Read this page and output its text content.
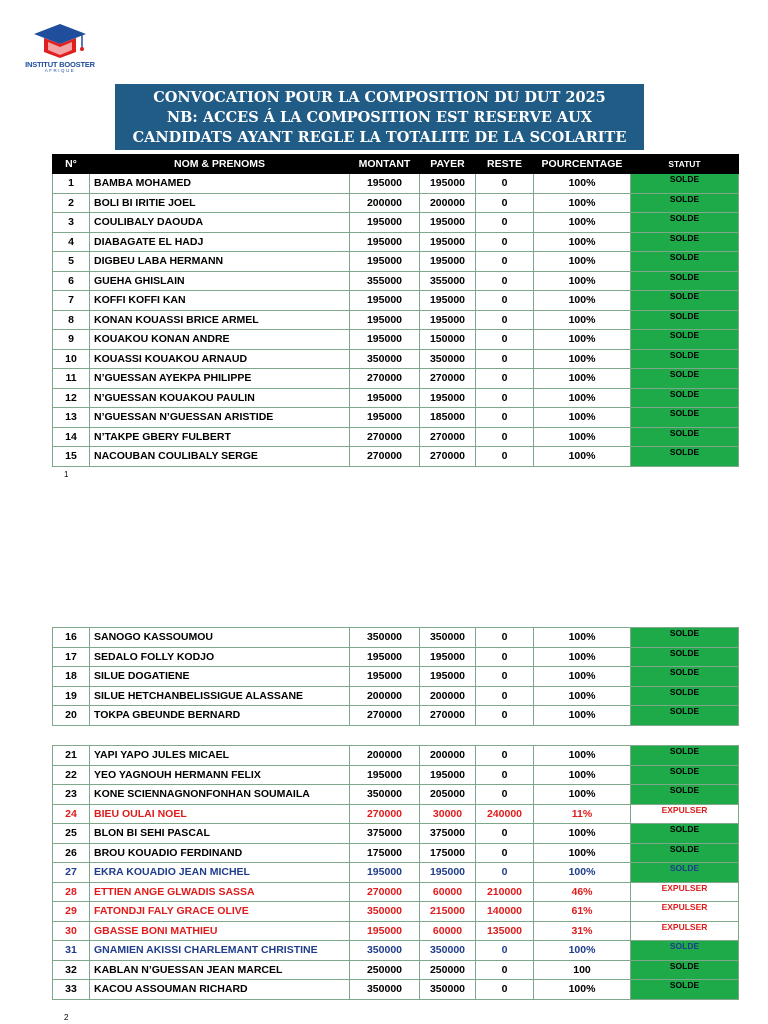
INSTITUT BOOSTER
AFRIQUE
CONVOCATION POUR LA COMPOSITION DU DUT 2025
NB: ACCES Á LA COMPOSITION EST RESERVE AUX
CANDIDATS AYANT REGLE LA TOTALITE DE LA SCOLARITE
N°	NOM & PRENOMS	MONTANT	PAYER	RESTE	POURCENTAGE	STATUT
1	BAMBA MOHAMED	195000	195000	0	100%	SOLDE
2	BOLI BI IRITIE JOEL	200000	200000	0	100%	SOLDE
3	COULIBALY DAOUDA	195000	195000	0	100%	SOLDE
4	DIABAGATE EL HADJ	195000	195000	0	100%	SOLDE
5	DIGBEU LABA HERMANN	195000	195000	0	100%	SOLDE
6	GUEHA GHISLAIN	355000	355000	0	100%	SOLDE
7	KOFFI KOFFI KAN	195000	195000	0	100%	SOLDE
8	KONAN KOUASSI BRICE ARMEL	195000	195000	0	100%	SOLDE
9	KOUAKOU KONAN ANDRE	195000	150000	0	100%	SOLDE
10	KOUASSI KOUAKOU ARNAUD	350000	350000	0	100%	SOLDE
11	N’GUESSAN AYEKPA PHILIPPE	270000	270000	0	100%	SOLDE
12	N’GUESSAN KOUAKOU PAULIN	195000	195000	0	100%	SOLDE
13	N’GUESSAN N’GUESSAN ARISTIDE	195000	185000	0	100%	SOLDE
14	N’TAKPE GBERY FULBERT	270000	270000	0	100%	SOLDE
15	NACOUBAN COULIBALY SERGE	270000	270000	0	100%	SOLDE
1
16	SANOGO KASSOUMOU	350000	350000	0	100%	SOLDE
17	SEDALO FOLLY KODJO	195000	195000	0	100%	SOLDE
18	SILUE DOGATIENE	195000	195000	0	100%	SOLDE
19	SILUE HETCHANBELISSIGUE ALASSANE	200000	200000	0	100%	SOLDE
20	TOKPA GBEUNDE BERNARD	270000	270000	0	100%	SOLDE
21	YAPI YAPO JULES MICAEL	200000	200000	0	100%	SOLDE
22	YEO YAGNOUH HERMANN FELIX	195000	195000	0	100%	SOLDE
23	KONE SCIENNAGNONFONHAN SOUMAILA	350000	205000	0	100%	SOLDE
24	BIEU OULAI NOEL	270000	30000	240000	11%	EXPULSER
25	BLON BI SEHI PASCAL	375000	375000	0	100%	SOLDE
26	BROU KOUADIO FERDINAND	175000	175000	0	100%	SOLDE
27	EKRA KOUADIO JEAN MICHEL	195000	195000	0	100%	SOLDE
28	ETTIEN ANGE GLWADIS SASSA	270000	60000	210000	46%	EXPULSER
29	FATONDJI FALY GRACE OLIVE	350000	215000	140000	61%	EXPULSER
30	GBASSE BONI MATHIEU	195000	60000	135000	31%	EXPULSER
31	GNAMIEN AKISSI CHARLEMANT CHRISTINE	350000	350000	0	100%	SOLDE
32	KABLAN N’GUESSAN JEAN MARCEL	250000	250000	0	100	SOLDE
33	KACOU ASSOUMAN RICHARD	350000	350000	0	100%	SOLDE
2
